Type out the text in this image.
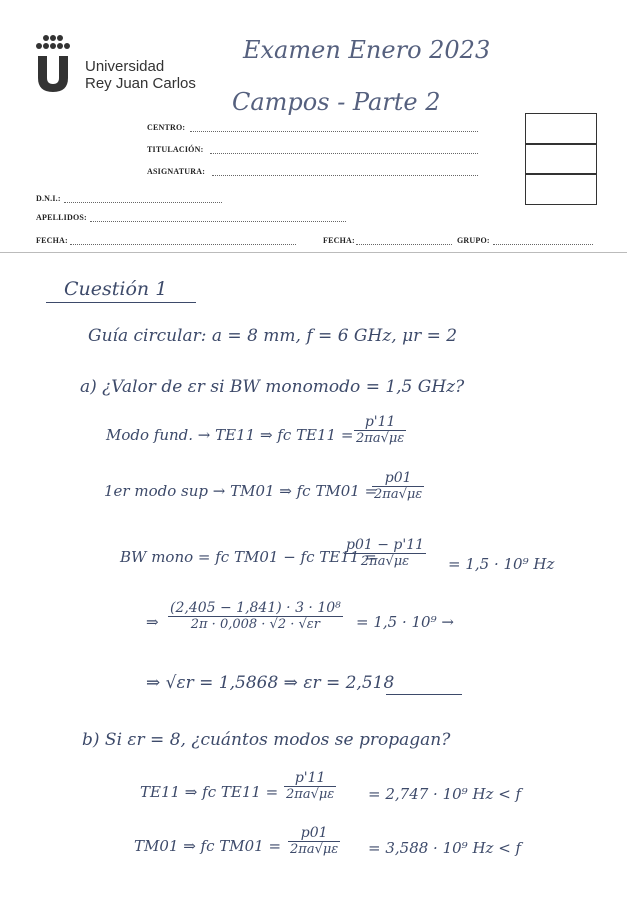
Universidad
Rey Juan Carlos
Examen Enero 2023
Campos - Parte 2
CENTRO:
TITULACIÓN:
ASIGNATURA:
D.N.I.:
APELLIDOS:
FECHA:	FECHA:	GRUPO:
Cuestión 1
Guía circular: a = 8 mm, f = 6 GHz, μr = 2
a) ¿Valor de εr si BW monomodo = 1,5 GHz?
Modo fund. → TE11 ⇒ fc $TE11 = \frac{p'11}{2\pi a√\mu\varepsilon}$
1er modo sup → TM01 ⇒ fc TM01 =
$\frac{p01}{2\pi a√\mu\varepsilon}$
BW mono = fc TM01 − fc TE11 =
$\frac{p01 - p'11}{2\pi a√\mu\varepsilon} = 1,5 \cdot 10^9$ Hz
⇒ $\frac{\text{(2,405 − 1,841) · 3 · 10⁸}}{2\pi \cdot 0,008 \cdot √2 \cdot √\varepsilon r} = 1,5 \cdot 10^9$ →
⇒ √εr = 1,5868 ⇒ εr = 2,518
b) Si εr = 8, ¿cuántos modos se propagan?
TE11 ⇒ fc $TE11 = \frac{p'11}{2\pi a√\mu\varepsilon} = 2,747 \cdot 10^9$ Hz < f
TM01 ⇒ fc $TM01 = \frac{p01}{2\pi a√\mu\varepsilon} = 3,588 \cdot 10^9$ Hz < f
